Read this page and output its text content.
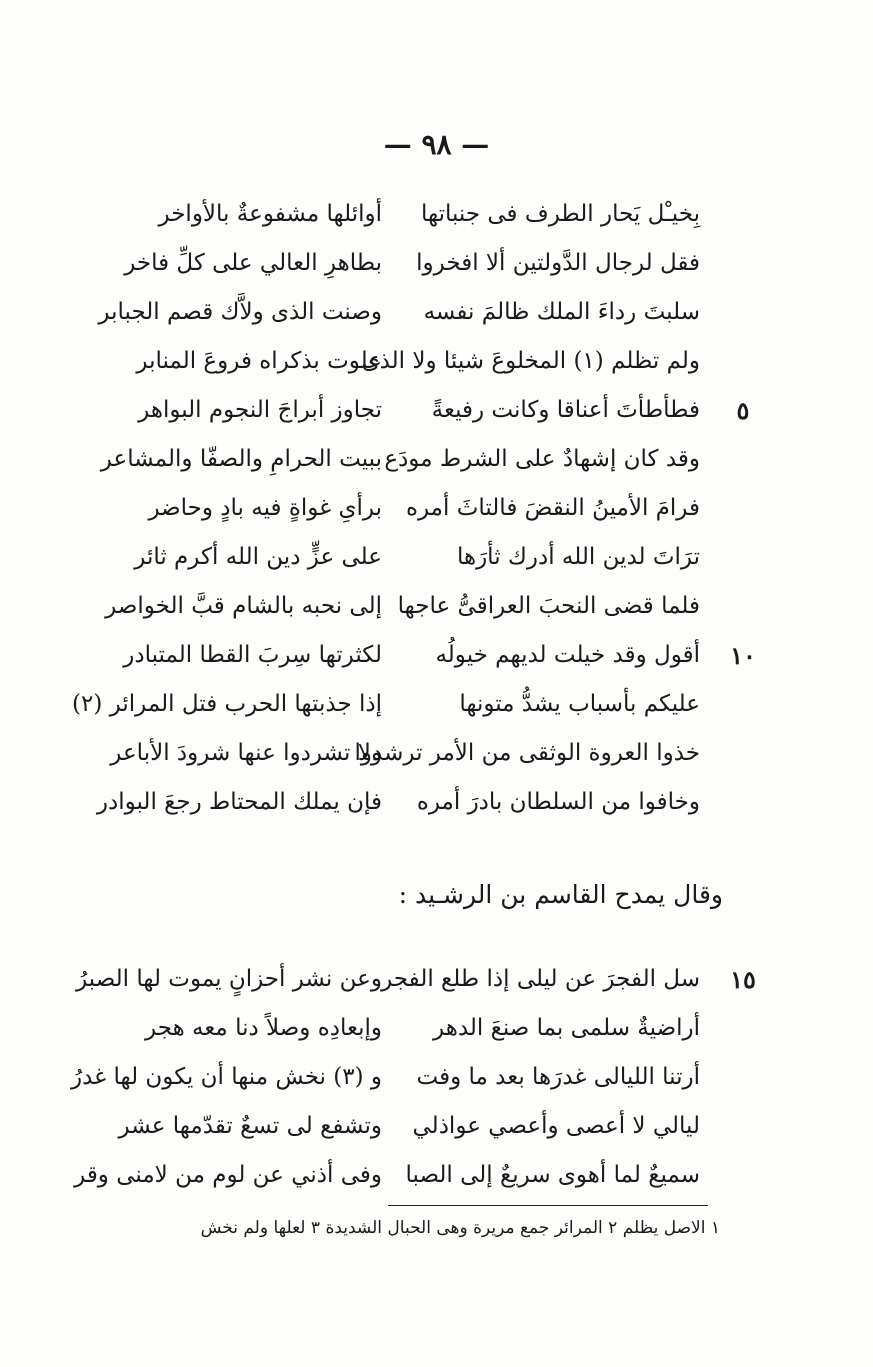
— ٩٨ —
بِخيـْل يَحار الطرف فى جنباتها
أوائلها مشفوعةٌ بالأواخر
فقل لرجال الدَّولتين ألا افخروا
بطاهرِ العالي على كلِّ فاخر
سلبتَ رداءَ الملك ظالمَ نفسه
وصنت الذى ولاَّك قصم الجبابر
ولم تظلم (١) المخلوعَ شيئا ولا الذى
علوت بذكراه فروعَ المنابر
٥
فطأطأتَ أعناقا وكانت رفيعةً
تجاوز أبراجَ النجوم البواهر
وقد كان إشهادٌ على الشرط مودَع
ببيت الحرامِ والصفّا والمشاعر
فرامَ الأمينُ النقضَ فالتاثَ أمره
برأىِ غواةٍ فيه بادٍ وحاضر
ترَاتَ لدين الله أدرك ثأرَها
على عزٍّ دين الله أكرم ثائر
فلما قضى النحبَ العراقىُّ عاجها
إلى نحبه بالشام قبَّ الخواصر
١٠
أقول وقد خيلت لديهم خيولُه
لكثرتها سِربَ القطا المتبادر
عليكم بأسباب يشدُّ متونها
إذا جذبتها الحرب فتل المرائر (٢)
خذوا العروة الوثقى من الأمر ترشدوا
ولا تشردوا عنها شرودَ الأباعر
وخافوا من السلطان بادرَ أمره
فإن يملك المحتاط رجعَ البوادر
وقال يمدح القاسم بن الرشـيد :
١٥
سل الفجرَ عن ليلى إذا طلع الفجر
وعن نشر أحزانٍ يموت لها الصبرُ
أراضيةٌ سلمى بما صنعَ الدهر
وإبعادِه وصلاً دنا معه هجر
أرتنا الليالى غدرَها بعد ما وفت
و (٣) نخش منها أن يكون لها غدرُ
ليالي لا أعصى وأعصي عواذلي
وتشفع لى تسعٌ تقدّمها عشر
سميعٌ لما أهوى سريعٌ إلى الصبا
وفى أذني عن لوم من لامنى وقر
١ الاصل يظلم ٢ المرائر جمع مريرة وهى الحبال الشديدة ٣ لعلها ولم نخش
